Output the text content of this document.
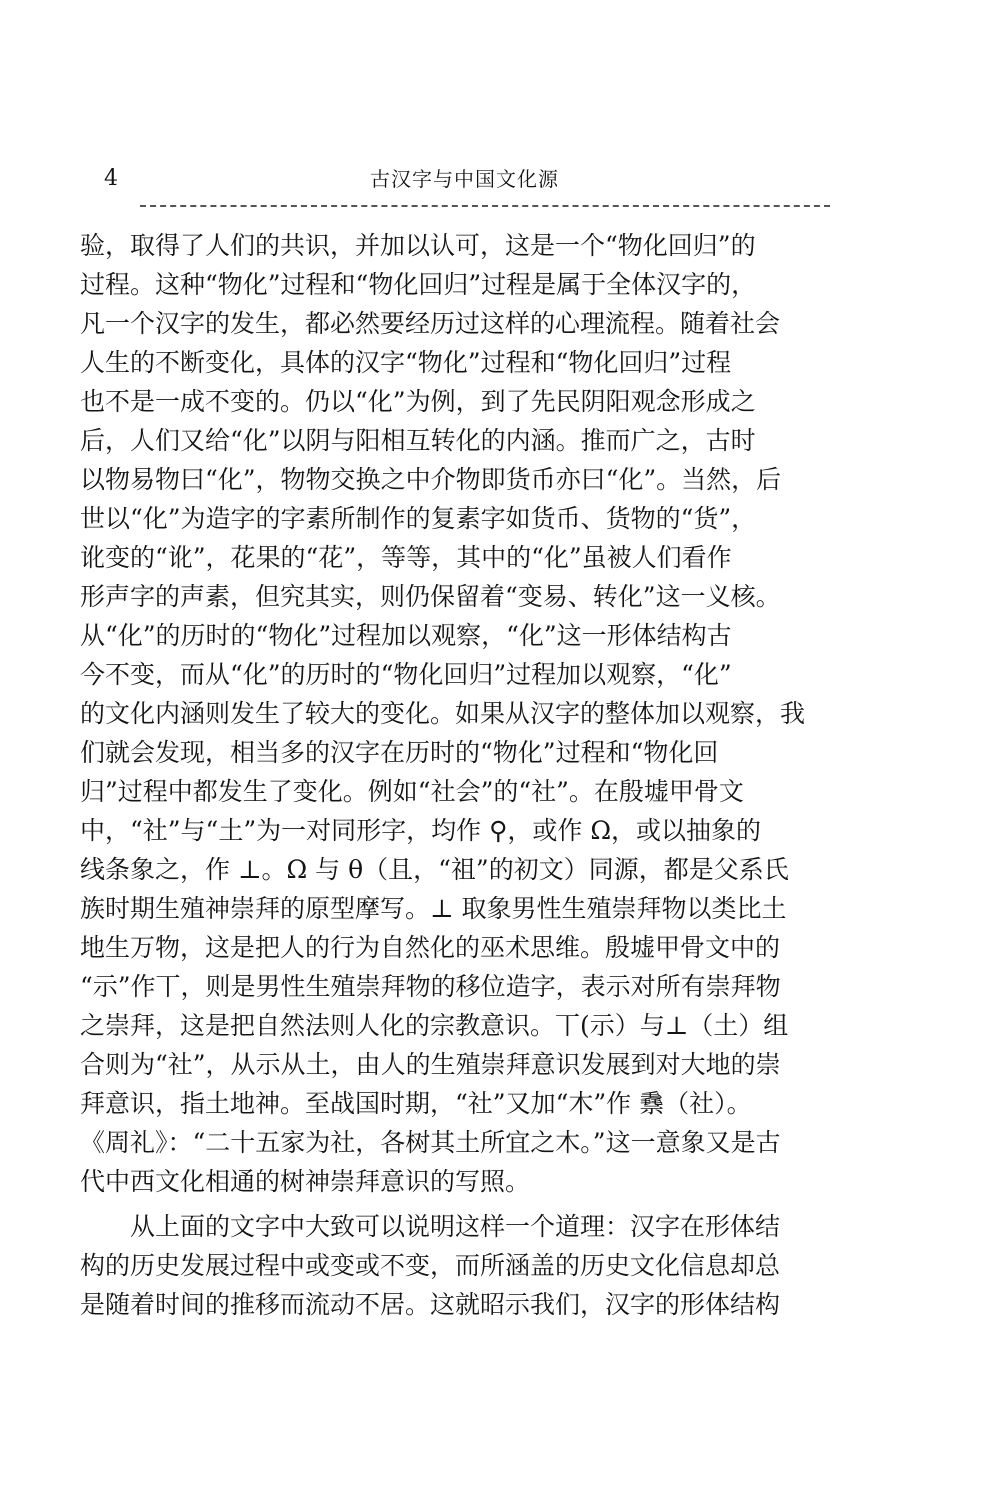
4	古汉字与中国文化源
验，取得了人们的共识，并加以认可，这是一个“物化回归”的
过程。这种“物化”过程和“物化回归”过程是属于全体汉字的，
凡一个汉字的发生，都必然要经历过这样的心理流程。随着社会
人生的不断变化，具体的汉字“物化”过程和“物化回归”过程
也不是一成不变的。仍以“化”为例，到了先民阴阳观念形成之
后，人们又给“化”以阴与阳相互转化的内涵。推而广之，古时
以物易物曰“化”，物物交换之中介物即货币亦曰“化”。当然，后
世以“化”为造字的字素所制作的复素字如货币、货物的“货”，
讹变的“讹”，花果的“花”，等等，其中的“化”虽被人们看作
形声字的声素，但究其实，则仍保留着“变易、转化”这一义核。
从“化”的历时的“物化”过程加以观察，“化”这一形体结构古
今不变，而从“化”的历时的“物化回归”过程加以观察，“化”
的文化内涵则发生了较大的变化。如果从汉字的整体加以观察，我
们就会发现，相当多的汉字在历时的“物化”过程和“物化回
归”过程中都发生了变化。例如“社会”的“社”。在殷墟甲骨文
中，“社”与“土”为一对同形字，均作 ⚲，或作 Ω，或以抽象的
线条象之，作 ⊥。Ω 与 θ（且，“祖”的初文）同源，都是父系氏
族时期生殖神崇拜的原型摩写。⊥ 取象男性生殖崇拜物以类比土
地生万物，这是把人的行为自然化的巫术思维。殷墟甲骨文中的
“示”作丅，则是男性生殖崇拜物的移位造字，表示对所有崇拜物
之崇拜，这是把自然法则人化的宗教意识。丅(示）与⊥（土）组
合则为“社”，从示从土，由人的生殖崇拜意识发展到对大地的崇
拜意识，指土地神。至战国时期，“社”又加“木”作 䄟（社）。
《周礼》：“二十五家为社，各树其土所宜之木。”这一意象又是古
代中西文化相通的树神崇拜意识的写照。
从上面的文字中大致可以说明这样一个道理：汉字在形体结
构的历史发展过程中或变或不变，而所涵盖的历史文化信息却总
是随着时间的推移而流动不居。这就昭示我们，汉字的形体结构
